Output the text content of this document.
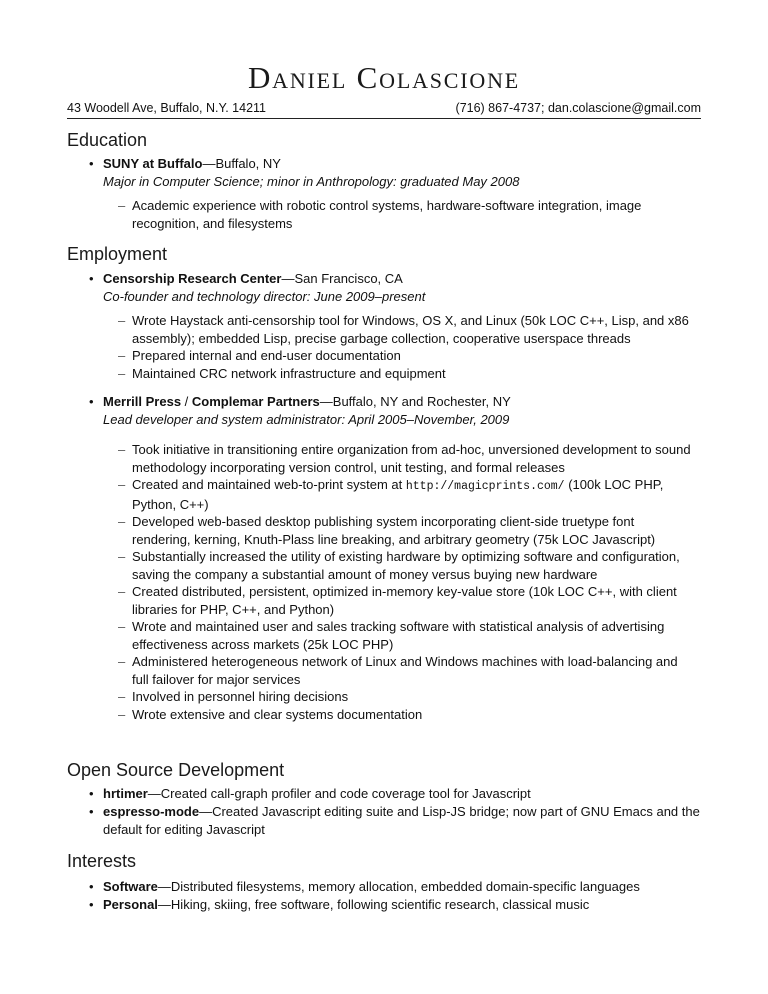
Daniel Colascione
43 Woodell Ave, Buffalo, N.Y. 14211	(716) 867-4737; dan.colascione@gmail.com
Education
• SUNY at Buffalo—Buffalo, NY
Major in Computer Science; minor in Anthropology: graduated May 2008
– Academic experience with robotic control systems, hardware-software integration, image recognition, and filesystems
Employment
• Censorship Research Center—San Francisco, CA
Co-founder and technology director: June 2009–present
– Wrote Haystack anti-censorship tool for Windows, OS X, and Linux (50k LOC C++, Lisp, and x86 assembly); embedded Lisp, precise garbage collection, cooperative userspace threads
– Prepared internal and end-user documentation
– Maintained CRC network infrastructure and equipment
• Merrill Press / Complemar Partners—Buffalo, NY and Rochester, NY
Lead developer and system administrator: April 2005–November, 2009
– Took initiative in transitioning entire organization from ad-hoc, unversioned development to sound methodology incorporating version control, unit testing, and formal releases
– Created and maintained web-to-print system at http://magicprints.com/ (100k LOC PHP, Python, C++)
– Developed web-based desktop publishing system incorporating client-side truetype font rendering, kerning, Knuth-Plass line breaking, and arbitrary geometry (75k LOC Javascript)
– Substantially increased the utility of existing hardware by optimizing software and configuration, saving the company a substantial amount of money versus buying new hardware
– Created distributed, persistent, optimized in-memory key-value store (10k LOC C++, with client libraries for PHP, C++, and Python)
– Wrote and maintained user and sales tracking software with statistical analysis of advertising effectiveness across markets (25k LOC PHP)
– Administered heterogeneous network of Linux and Windows machines with load-balancing and full failover for major services
– Involved in personnel hiring decisions
– Wrote extensive and clear systems documentation
Open Source Development
• hrtimer—Created call-graph profiler and code coverage tool for Javascript
• espresso-mode—Created Javascript editing suite and Lisp-JS bridge; now part of GNU Emacs and the default for editing Javascript
Interests
• Software—Distributed filesystems, memory allocation, embedded domain-specific languages
• Personal—Hiking, skiing, free software, following scientific research, classical music
